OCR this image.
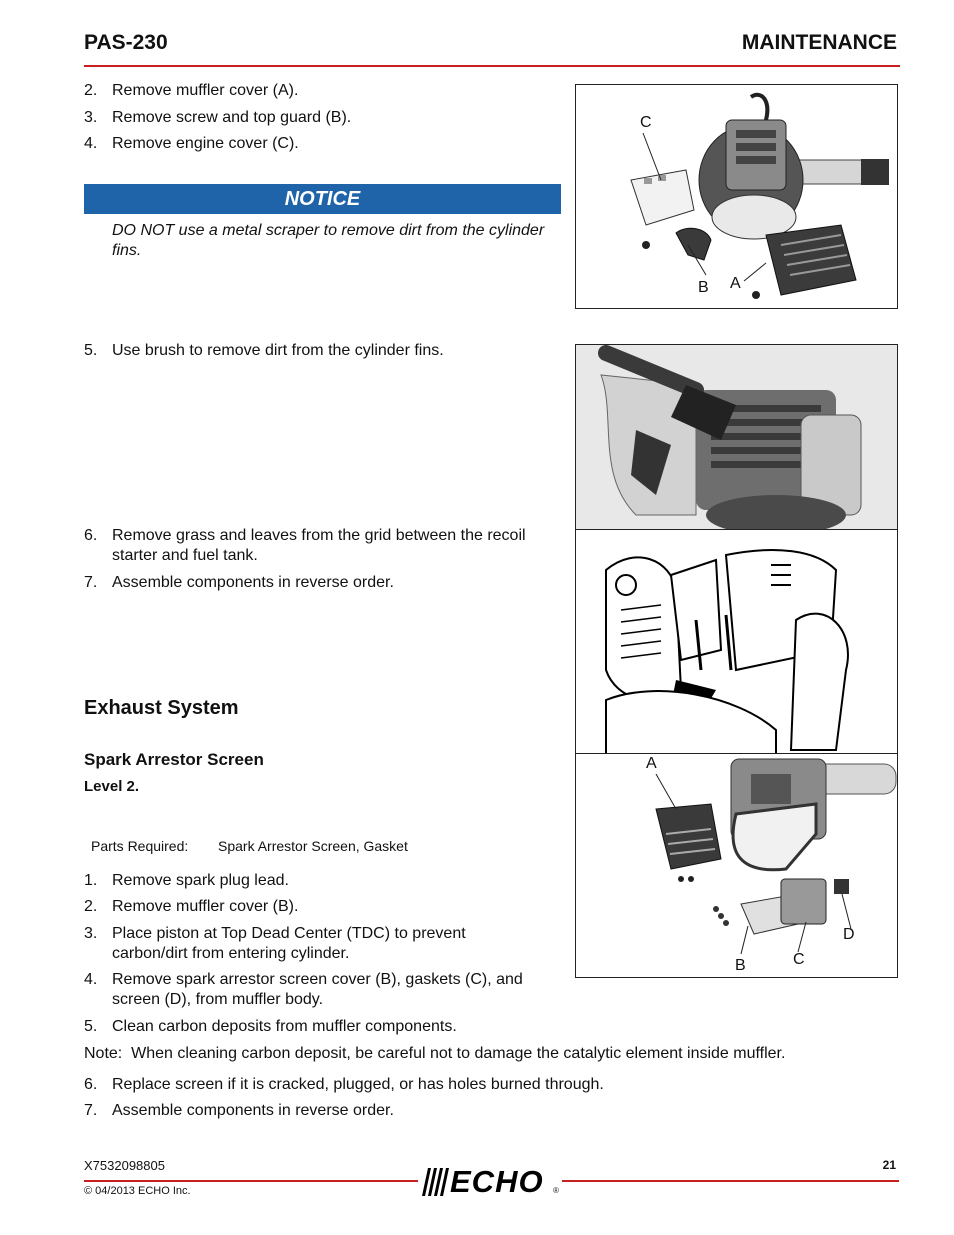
PAS-230	MAINTENANCE
2. Remove muffler cover (A).
3. Remove screw and top guard (B).
4. Remove engine cover (C).
NOTICE
DO NOT use a metal scraper to remove dirt from the cylinder fins.
C
B A
5. Use brush to remove dirt from the cylinder fins.
6. Remove grass and leaves from the grid between the recoil
starter and fuel tank.
7. Assemble components in reverse order.
Exhaust System
Spark Arrestor Screen
Level 2.
Parts Required: Spark Arrestor Screen, Gasket
A
B	C
D
1. Remove spark plug lead.
2. Remove muffler cover (B).
3. Place piston at Top Dead Center (TDC) to prevent
carbon/dirt from entering cylinder.
4. Remove spark arrestor screen cover (B), gaskets (C), and
screen (D), from muffler body.
5. Clean carbon deposits from muffler components.
Note:  When cleaning carbon deposit, be careful not to damage the catalytic element inside muffler.
6. Replace screen if it is cracked, plugged, or has holes burned through.
7. Assemble components in reverse order.
X7532098805	21
ECHO ®
© 04/2013 ECHO Inc.
